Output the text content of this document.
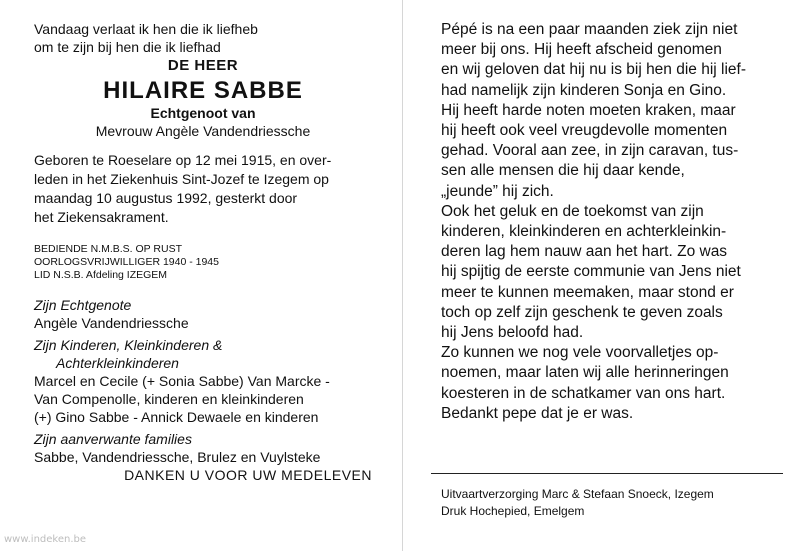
Vandaag verlaat ik hen die ik liefheb
om te zijn bij hen die ik liefhad
DE HEER
HILAIRE SABBE
Echtgenoot van
Mevrouw Angèle Vandendriessche
Geboren te Roeselare op 12 mei 1915, en over-
leden in het Ziekenhuis Sint-Jozef te Izegem op
maandag 10 augustus 1992, gesterkt door
het Ziekensakrament.
BEDIENDE N.M.B.S. OP RUST
OORLOGSVRIJWILLIGER 1940 - 1945
LID N.S.B. Afdeling IZEGEM
Zijn Echtgenote
Angèle Vandendriessche
Zijn Kinderen, Kleinkinderen &
Achterkleinkinderen
Marcel en Cecile (+ Sonia Sabbe) Van Marcke -
Van Compenolle, kinderen en kleinkinderen
(+) Gino Sabbe - Annick Dewaele en kinderen
Zijn aanverwante families
Sabbe, Vandendriessche, Brulez en Vuylsteke
DANKEN U VOOR UW MEDELEVEN
Pépé is na een paar maanden ziek zijn niet
meer bij ons. Hij heeft afscheid genomen
en wij geloven dat hij nu is bij hen die hij lief-
had namelijk zijn kinderen Sonja en Gino.
Hij heeft harde noten moeten kraken, maar
hij heeft ook veel vreugdevolle momenten
gehad. Vooral aan zee, in zijn caravan, tus-
sen alle mensen die hij daar kende,
„jeunde” hij zich.
Ook het geluk en de toekomst van zijn
kinderen, kleinkinderen en achterkleinkin-
deren lag hem nauw aan het hart. Zo was
hij spijtig de eerste communie van Jens niet
meer te kunnen meemaken, maar stond er
toch op zelf zijn geschenk te geven zoals
hij Jens beloofd had.
Zo kunnen we nog vele voorvalletjes op-
noemen, maar laten wij alle herinneringen
koesteren in de schatkamer van ons hart.
Bedankt pepe dat je er was.
Uitvaartverzorging Marc & Stefaan Snoeck, Izegem
Druk Hochepied, Emelgem
www.indeken.be
